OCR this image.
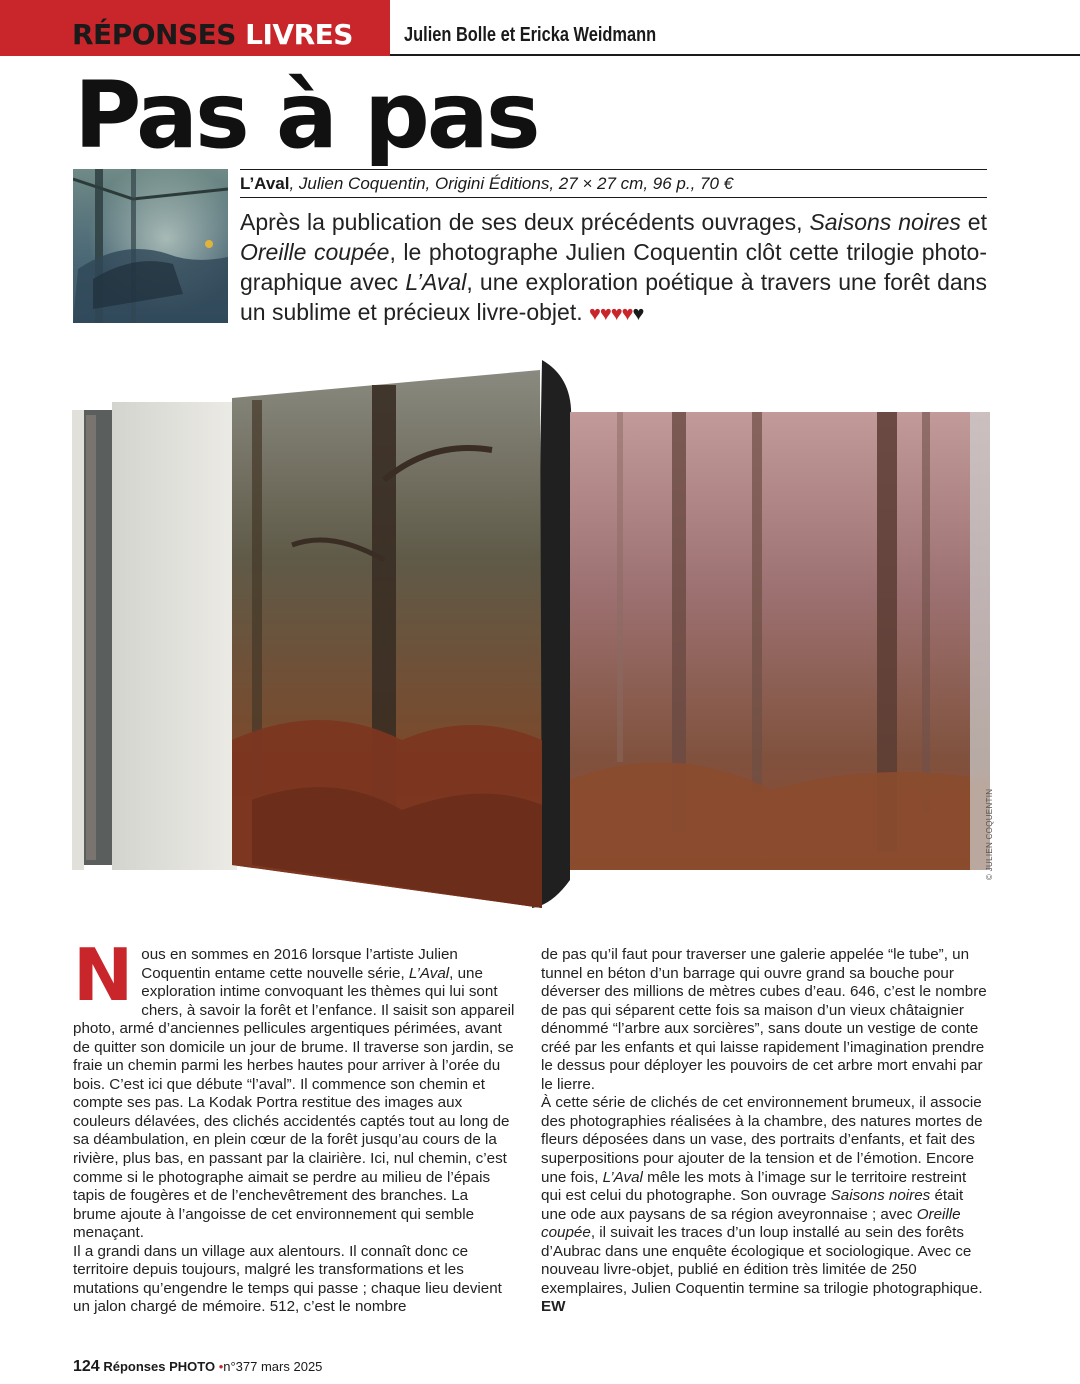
RÉPONSES LIVRES	Julien Bolle et Ericka Weidmann
Pas à pas
L’Aval, Julien Coquentin, Origini Éditions, 27 × 27 cm, 96 p., 70 €

Après la publication de ses deux précédents ouvrages, Saisons noires et Oreille coupée, le photographe Julien Coquentin clôt cette trilogie photographique avec L’Aval, une exploration poétique à travers une forêt dans un sublime et précieux livre-objet. ♥♥♥♥♥

© JULIEN COQUENTIN

Nous en sommes en 2016 lorsque l’artiste Julien Coquentin entame cette nouvelle série, L’Aval, une exploration intime convoquant les thèmes qui lui sont chers, à savoir la forêt et l’enfance. Il saisit son appareil photo, armé d’anciennes pellicules argentiques périmées, avant de quitter son domicile un jour de brume. Il traverse son jardin, se fraie un chemin parmi les herbes hautes pour arriver à l’orée du bois. C’est ici que débute “l’aval”. Il commence son chemin et compte ses pas. La Kodak Portra restitue des images aux couleurs délavées, des clichés accidentés captés tout au long de sa déambulation, en plein cœur de la forêt jusqu’au cours de la rivière, plus bas, en passant par la clairière. Ici, nul chemin, c’est comme si le photographe aimait se perdre au milieu de l’épais tapis de fougères et de l’enchevêtrement des branches. La brume ajoute à l’angoisse de cet environnement qui semble menaçant.

Il a grandi dans un village aux alentours. Il connaît donc ce territoire depuis toujours, malgré les transformations et les mutations qu’engendre le temps qui passe ; chaque lieu devient un jalon chargé de mémoire. 512, c’est le nombre

de pas qu’il faut pour traverser une galerie appelée “le tube”, un tunnel en béton d’un barrage qui ouvre grand sa bouche pour déverser des millions de mètres cubes d’eau. 646, c’est le nombre de pas qui séparent cette fois sa maison d’un vieux châtaignier dénommé “l’arbre aux sorcières”, sans doute un vestige de conte créé par les enfants et qui laisse rapidement l’imagination prendre le dessus pour déployer les pouvoirs de cet arbre mort envahi par le lierre.

À cette série de clichés de cet environnement brumeux, il associe des photographies réalisées à la chambre, des natures mortes de fleurs déposées dans un vase, des portraits d’enfants, et fait des superpositions pour ajouter de la tension et de l’émotion. Encore une fois, L’Aval mêle les mots à l’image sur le territoire restreint qui est celui du photographe. Son ouvrage Saisons noires était une ode aux paysans de sa région aveyronnaise ; avec Oreille coupée, il suivait les traces d’un loup installé au sein des forêts d’Aubrac dans une enquête écologique et sociologique. Avec ce nouveau livre-objet, publié en édition très limitée de 250 exemplaires, Julien Coquentin termine sa trilogie photographique. EW

124 Réponses PHOTO •n°377 mars 2025
